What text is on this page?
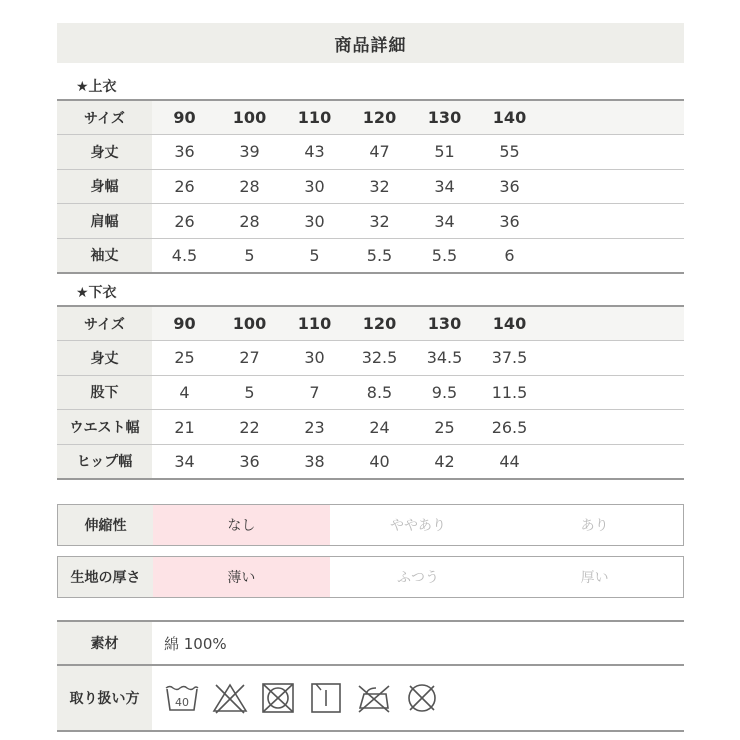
商品詳細
★上衣
サイズ	90	100	110	120	130	140	
身丈	36	39	43	47	51	55	
身幅	26	28	30	32	34	36	
肩幅	26	28	30	32	34	36	
袖丈	4.5	5	5	5.5	5.5	6	
★下衣
サイズ	90	100	110	120	130	140	
身丈	25	27	30	32.5	34.5	37.5	
股下	4	5	7	8.5	9.5	11.5	
ウエスト幅	21	22	23	24	25	26.5	
ヒップ幅	34	36	38	40	42	44	
伸縮性	なし	ややあり	あり
生地の厚さ	薄い	ふつう	厚い
素材	綿 100%
取り扱い方	40
